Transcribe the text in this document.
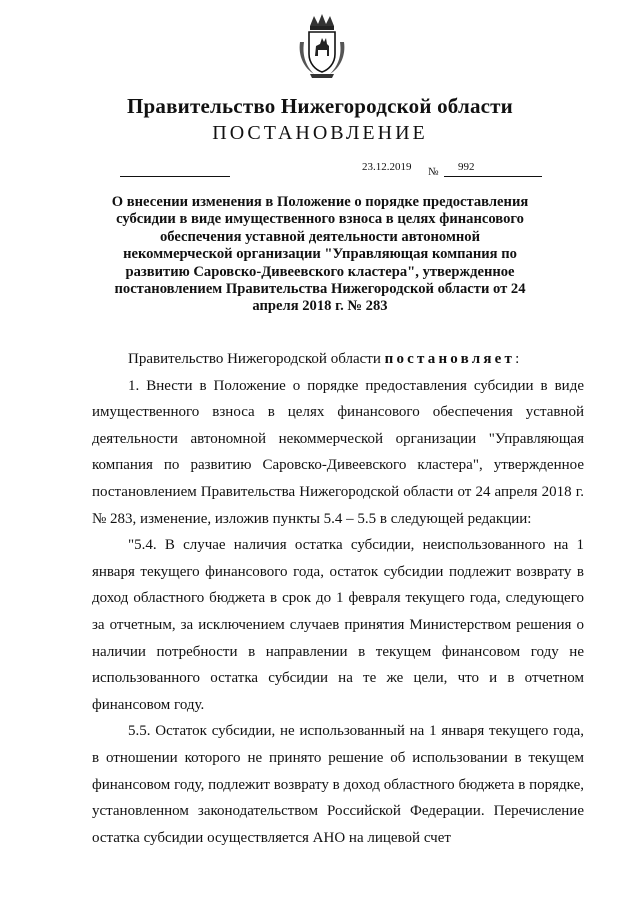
Правительство Нижегородской области
ПОСТАНОВЛЕНИЕ
23.12.2019 № 992
О внесении изменения в Положение о порядке предоставления субсидии в виде имущественного взноса в целях финансового обеспечения уставной деятельности автономной некоммерческой организации "Управляющая компания по развитию Саровско-Дивеевского кластера", утвержденное постановлением Правительства Нижегородской области от 24 апреля 2018 г. № 283

Правительство Нижегородской области постановляет:

1. Внести в Положение о порядке предоставления субсидии в виде имущественного взноса в целях финансового обеспечения уставной деятельности автономной некоммерческой организации "Управляющая компания по развитию Саровско-Дивеевского кластера", утвержденное постановлением Правительства Нижегородской области от 24 апреля 2018 г. № 283, изменение, изложив пункты 5.4 – 5.5 в следующей редакции:

"5.4. В случае наличия остатка субсидии, неиспользованного на 1 января текущего финансового года, остаток субсидии подлежит возврату в доход областного бюджета в срок до 1 февраля текущего года, следующего за отчетным, за исключением случаев принятия Министерством решения о наличии потребности в направлении в текущем финансовом году не использованного остатка субсидии на те же цели, что и в отчетном финансовом году.

5.5. Остаток субсидии, не использованный на 1 января текущего года, в отношении которого не принято решение об использовании в текущем финансовом году, подлежит возврату в доход областного бюджета в порядке, установленном законодательством Российской Федерации. Перечисление остатка субсидии осуществляется АНО на лицевой счет
